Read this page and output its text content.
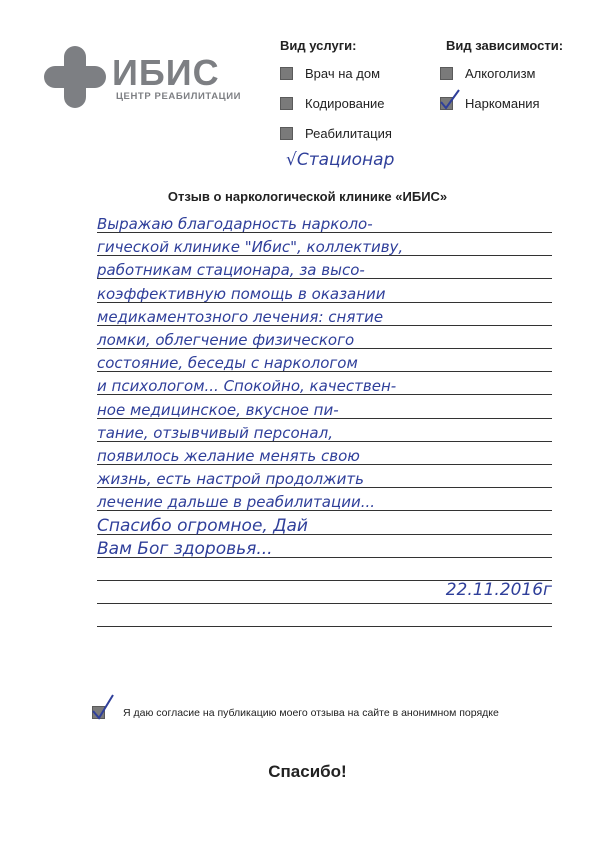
ИБИС
ЦЕНТР РЕАБИЛИТАЦИИ
Вид услуги:
Врач на дом
Кодирование
Реабилитация
√Стационар
Вид зависимости:
Алкоголизм
Наркомания
Отзыв о наркологической клинике «ИБИС»
Выражаю благодарность нарколо-
гической клинике "Ибис", коллективу,
работникам стационара, за высо-
коэффективную помощь в оказании
медикаментозного лечения: снятие
ломки, облегчение физического
состояние, беседы с наркологом
и психологом... Спокойно, качествен-
ное медицинское, вкусное пи-
тание, отзывчивый персонал,
появилось желание менять свою
жизнь, есть настрой продолжить
лечение дальше в реабилитации...
Спасибо огромное, Дай
Вам Бог здоровья...
22.11.2016г
Я даю согласие на публикацию моего отзыва на сайте в анонимном порядке
Спасибо!
